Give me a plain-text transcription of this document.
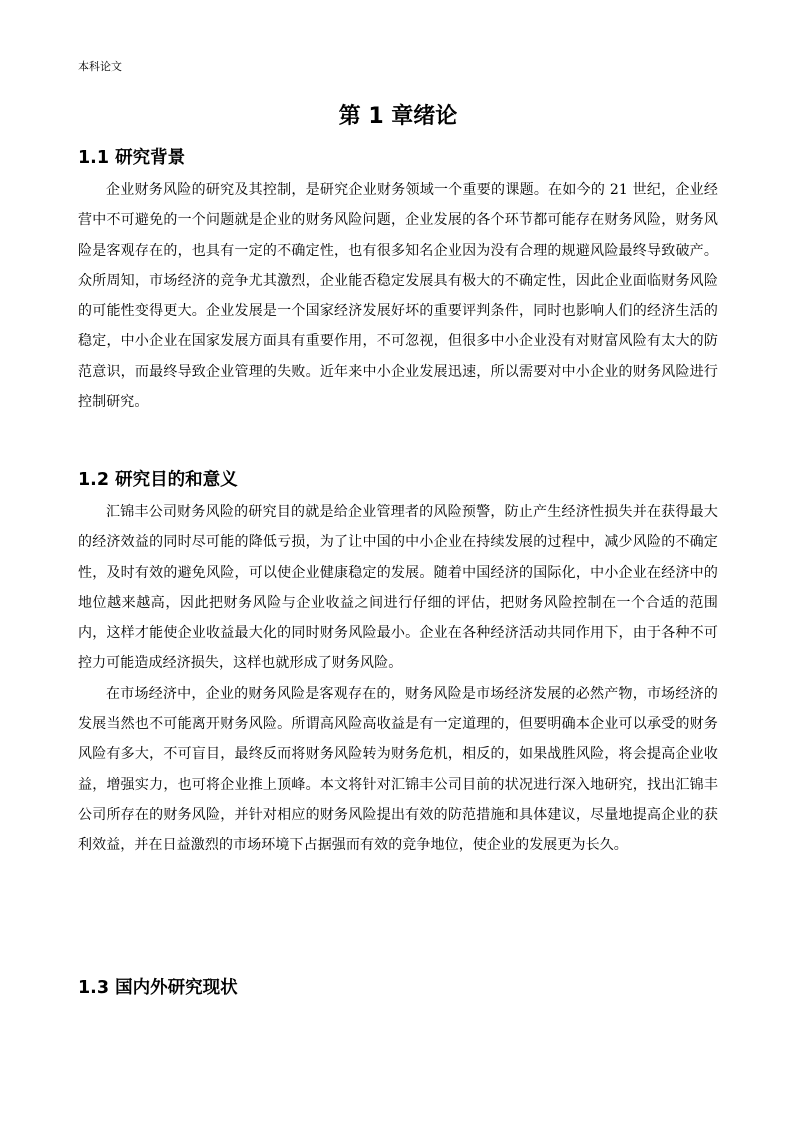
本科论文
第 1 章绪论
1.1 研究背景

企业财务风险的研究及其控制，是研究企业财务领域一个重要的课题。在如今的 21 世纪，企业经营中不可避免的一个问题就是企业的财务风险问题，企业发展的各个环节都可能存在财务风险，财务风险是客观存在的，也具有一定的不确定性，也有很多知名企业因为没有合理的规避风险最终导致破产。众所周知，市场经济的竞争尤其激烈，企业能否稳定发展具有极大的不确定性，因此企业面临财务风险的可能性变得更大。企业发展是一个国家经济发展好坏的重要评判条件，同时也影响人们的经济生活的稳定，中小企业在国家发展方面具有重要作用，不可忽视，但很多中小企业没有对财富风险有太大的防范意识，而最终导致企业管理的失败。近年来中小企业发展迅速，所以需要对中小企业的财务风险进行控制研究。

1.2 研究目的和意义

汇锦丰公司财务风险的研究目的就是给企业管理者的风险预警，防止产生经济性损失并在获得最大的经济效益的同时尽可能的降低亏损，为了让中国的中小企业在持续发展的过程中，减少风险的不确定性，及时有效的避免风险，可以使企业健康稳定的发展。随着中国经济的国际化，中小企业在经济中的地位越来越高，因此把财务风险与企业收益之间进行仔细的评估，把财务风险控制在一个合适的范围内，这样才能使企业收益最大化的同时财务风险最小。企业在各种经济活动共同作用下，由于各种不可控力可能造成经济损失，这样也就形成了财务风险。

在市场经济中，企业的财务风险是客观存在的，财务风险是市场经济发展的必然产物，市场经济的发展当然也不可能离开财务风险。所谓高风险高收益是有一定道理的，但要明确本企业可以承受的财务风险有多大，不可盲目，最终反而将财务风险转为财务危机，相反的，如果战胜风险，将会提高企业收益，增强实力，也可将企业推上顶峰。本文将针对汇锦丰公司目前的状况进行深入地研究，找出汇锦丰公司所存在的财务风险，并针对相应的财务风险提出有效的防范措施和具体建议，尽量地提高企业的获利效益，并在日益激烈的市场环境下占据强而有效的竞争地位，使企业的发展更为长久。

1.3 国内外研究现状
